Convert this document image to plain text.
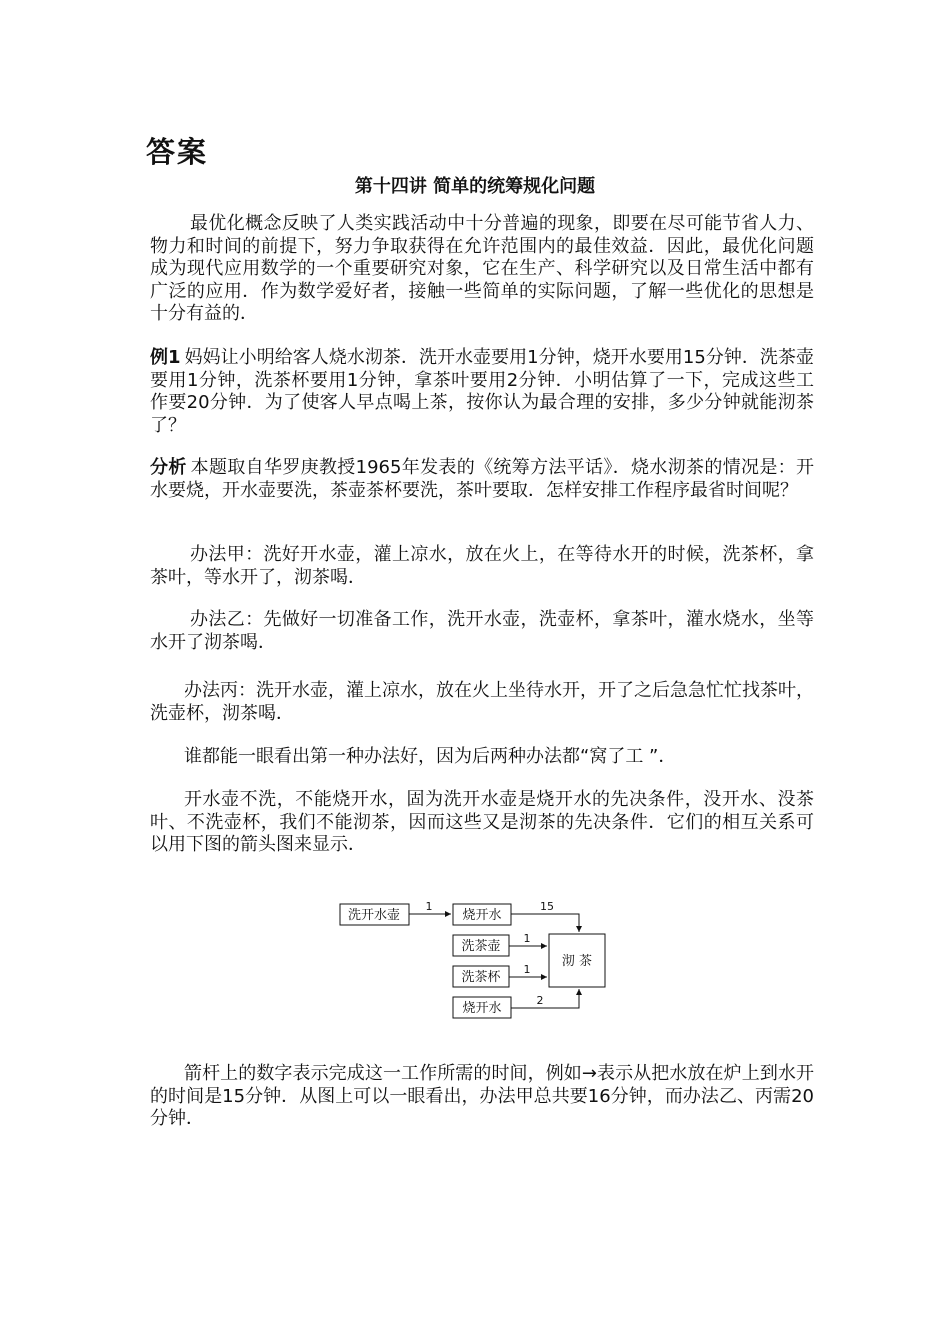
答案
第十四讲 简单的统筹规化问题

最优化概念反映了人类实践活动中十分普遍的现象，即要在尽可能节省人力、物力和时间的前提下，努力争取获得在允许范围内的最佳效益．因此，最优化问题成为现代应用数学的一个重要研究对象，它在生产、科学研究以及日常生活中都有广泛的应用．作为数学爱好者，接触一些简单的实际问题，了解一些优化的思想是十分有益的．

例1 妈妈让小明给客人烧水沏茶．洗开水壶要用1分钟，烧开水要用15分钟．洗茶壶要用1分钟，洗茶杯要用1分钟，拿茶叶要用2分钟．小明估算了一下，完成这些工作要20分钟．为了使客人早点喝上茶，按你认为最合理的安排，多少分钟就能沏茶了？

分析 本题取自华罗庚教授1965年发表的《统筹方法平话》．烧水沏茶的情况是：开水要烧，开水壶要洗，茶壶茶杯要洗，茶叶要取．怎样安排工作程序最省时间呢？

办法甲：洗好开水壶，灌上凉水，放在火上，在等待水开的时候，洗茶杯，拿茶叶，等水开了，沏茶喝．

办法乙：先做好一切准备工作，洗开水壶，洗壶杯，拿茶叶，灌水烧水，坐等水开了沏茶喝．

办法丙：洗开水壶，灌上凉水，放在火上坐待水开，开了之后急急忙忙找茶叶，洗壶杯，沏茶喝．

谁都能一眼看出第一种办法好，因为后两种办法都“窝了工 ”．

开水壶不洗，不能烧开水，固为洗开水壶是烧开水的先决条件，没开水、没茶叶、不洗壶杯，我们不能沏茶，因而这些又是沏茶的先决条件．它们的相互关系可以用下图的箭头图来显示．

洗开水壶	烧开水
洗茶壶
洗茶杯
烧开水
沏 茶
1	15
1
1
2

箭杆上的数字表示完成这一工作所需的时间，例如→表示从把水放在炉上到水开的时间是15分钟．从图上可以一眼看出，办法甲总共要16分钟，而办法乙、丙需20分钟．
